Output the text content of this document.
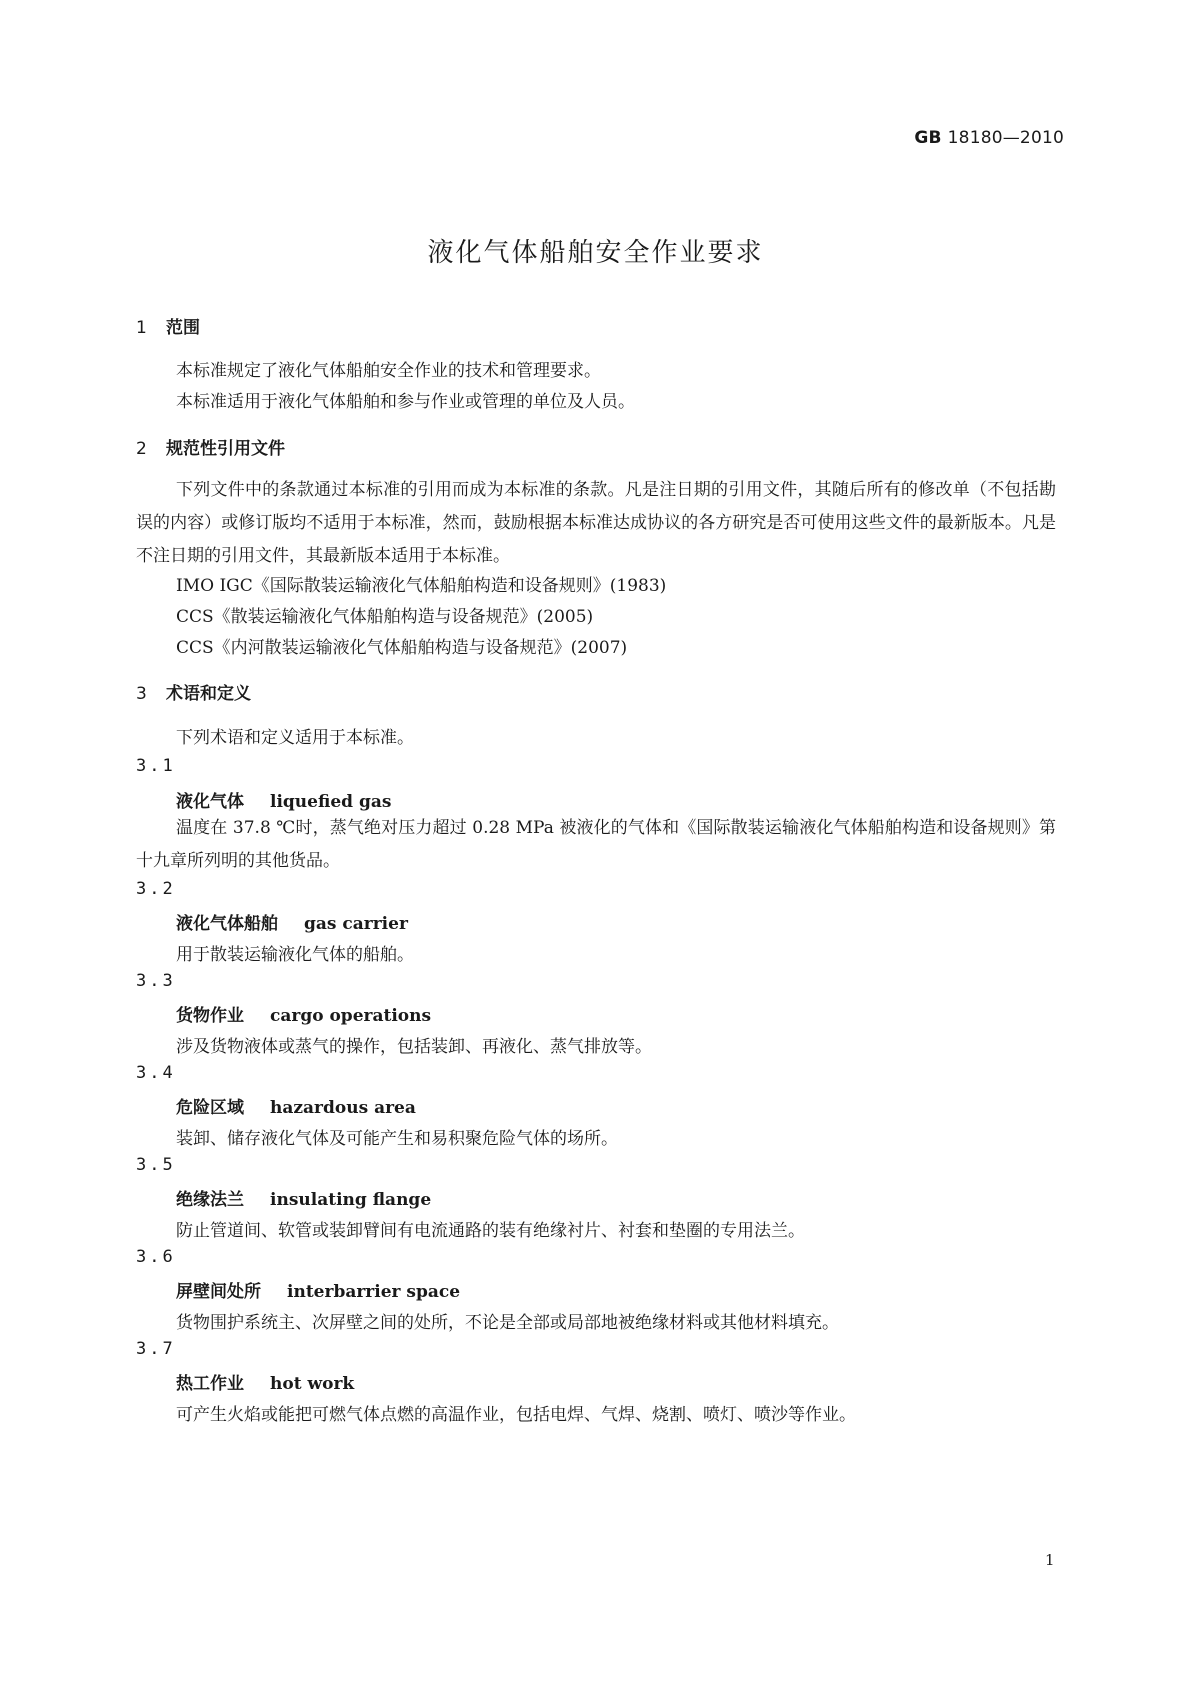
GB 18180—2010
液化气体船舶安全作业要求
1 范围
本标准规定了液化气体船舶安全作业的技术和管理要求。
本标准适用于液化气体船舶和参与作业或管理的单位及人员。
2 规范性引用文件
下列文件中的条款通过本标准的引用而成为本标准的条款。凡是注日期的引用文件，其随后所有的修改单（不包括勘误的内容）或修订版均不适用于本标准，然而，鼓励根据本标准达成协议的各方研究是否可使用这些文件的最新版本。凡是不注日期的引用文件，其最新版本适用于本标准。
IMO IGC《国际散装运输液化气体船舶构造和设备规则》(1983)
CCS《散装运输液化气体船舶构造与设备规范》(2005)
CCS《内河散装运输液化气体船舶构造与设备规范》(2007)
3 术语和定义
下列术语和定义适用于本标准。
3.1
液化气体 liquefied gas
温度在 37.8 ℃时，蒸气绝对压力超过 0.28 MPa 被液化的气体和《国际散装运输液化气体船舶构造和设备规则》第十九章所列明的其他货品。
3.2
液化气体船舶 gas carrier
用于散装运输液化气体的船舶。
3.3
货物作业 cargo operations
涉及货物液体或蒸气的操作，包括装卸、再液化、蒸气排放等。
3.4
危险区域 hazardous area
装卸、储存液化气体及可能产生和易积聚危险气体的场所。
3.5
绝缘法兰 insulating flange
防止管道间、软管或装卸臂间有电流通路的装有绝缘衬片、衬套和垫圈的专用法兰。
3.6
屏壁间处所 interbarrier space
货物围护系统主、次屏壁之间的处所，不论是全部或局部地被绝缘材料或其他材料填充。
3.7
热工作业 hot work
可产生火焰或能把可燃气体点燃的高温作业，包括电焊、气焊、烧割、喷灯、喷沙等作业。
1
